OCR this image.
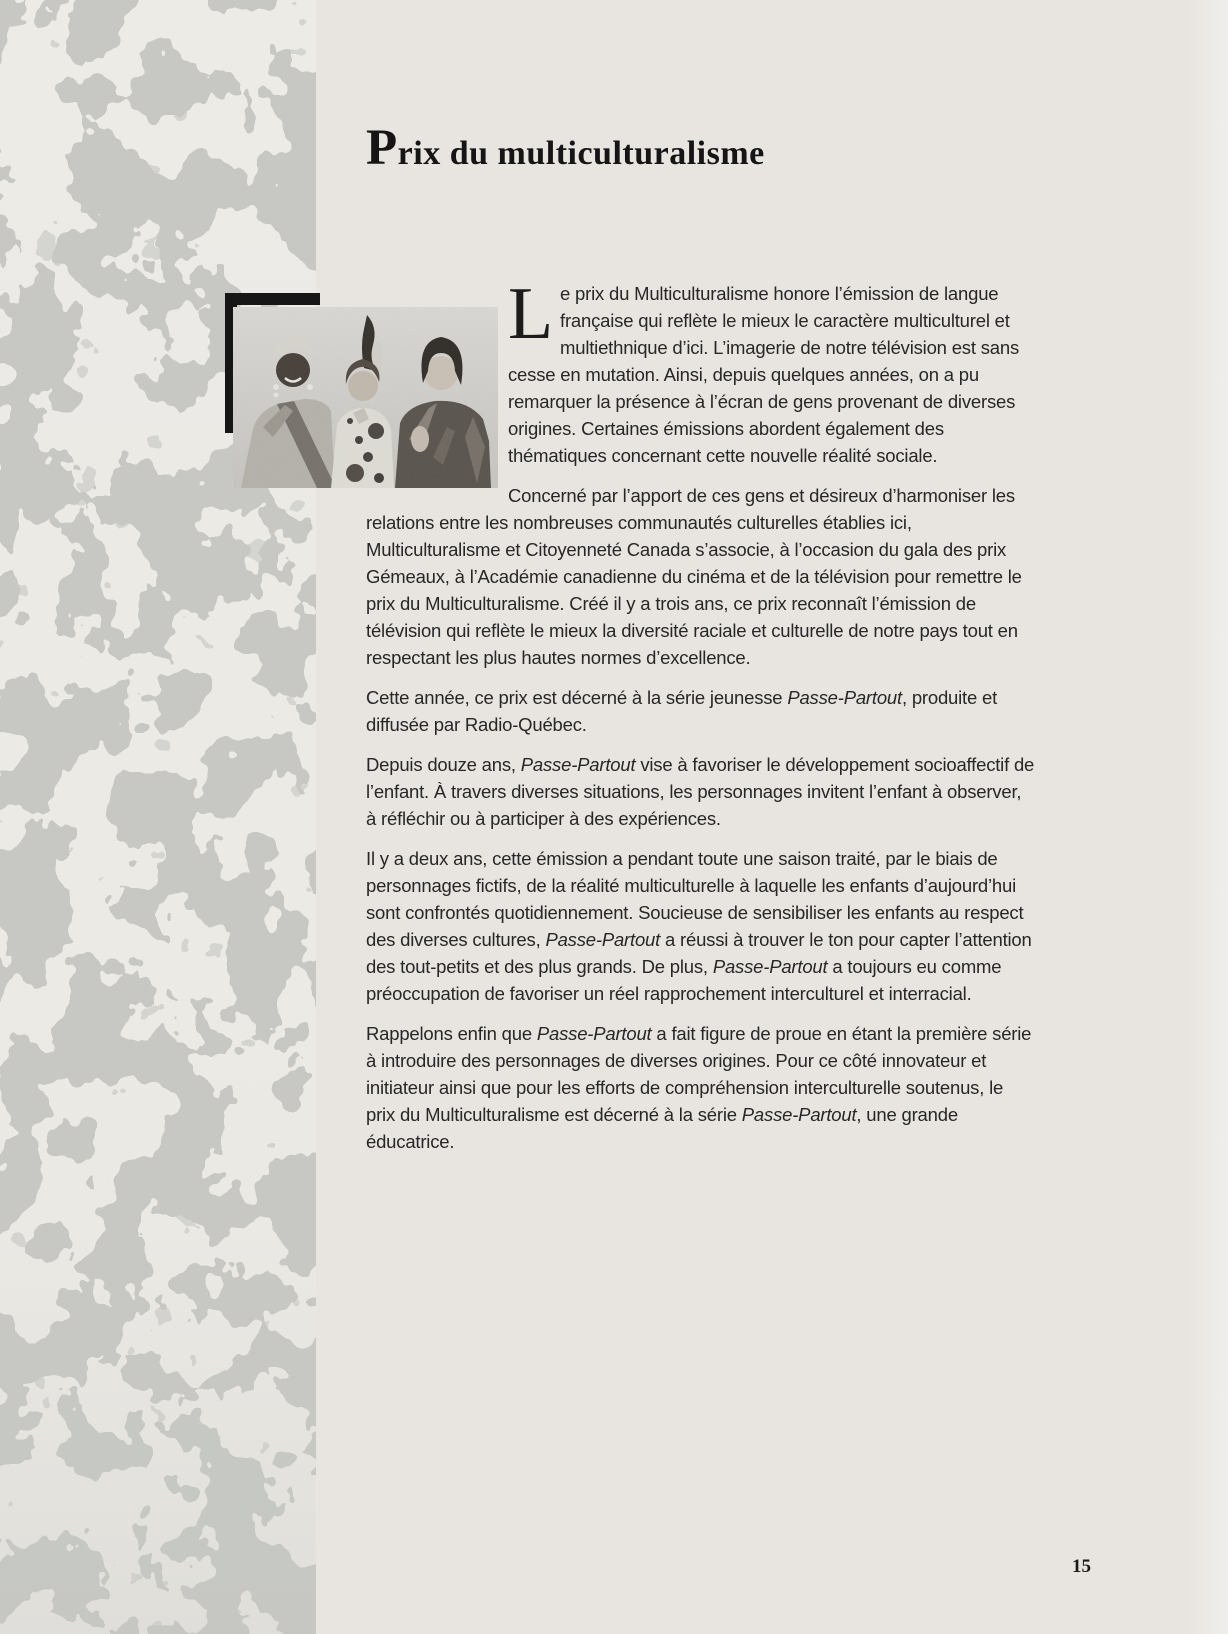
Prix du multiculturalisme

Le prix du Multiculturalisme honore l’émission de langue française qui reflète le mieux le caractère multiculturel et multiethnique d’ici. L’imagerie de notre télévision est sans cesse en mutation. Ainsi, depuis quelques années, on a pu remarquer la présence à l’écran de gens provenant de diverses origines. Certaines émissions abordent également des thématiques concernant cette nouvelle réalité sociale.

Concerné par l’apport de ces gens et désireux d’harmoniser les relations entre les nombreuses communautés culturelles établies ici, Multiculturalisme et Citoyenneté Canada s’associe, à l’occasion du gala des prix Gémeaux, à l’Académie canadienne du cinéma et de la télévision pour remettre le prix du Multiculturalisme. Créé il y a trois ans, ce prix reconnaît l’émission de télévision qui reflète le mieux la diversité raciale et culturelle de notre pays tout en respectant les plus hautes normes d’excellence.

Cette année, ce prix est décerné à la série jeunesse Passe-Partout, produite et diffusée par Radio-Québec.

Depuis douze ans, Passe-Partout vise à favoriser le développement socioaffectif de l’enfant. À travers diverses situations, les personnages invitent l’enfant à observer, à réfléchir ou à participer à des expériences.

Il y a deux ans, cette émission a pendant toute une saison traité, par le biais de personnages fictifs, de la réalité multiculturelle à laquelle les enfants d’aujourd’hui sont confrontés quotidiennement. Soucieuse de sensibiliser les enfants au respect des diverses cultures, Passe-Partout a réussi à trouver le ton pour capter l’attention des tout-petits et des plus grands. De plus, Passe-Partout a toujours eu comme préoccupation de favoriser un réel rapprochement interculturel et interracial.

Rappelons enfin que Passe-Partout a fait figure de proue en étant la première série à introduire des personnages de diverses origines. Pour ce côté innovateur et initiateur ainsi que pour les efforts de compréhension interculturelle soutenus, le prix du Multiculturalisme est décerné à la série Passe-Partout, une grande éducatrice.

15
